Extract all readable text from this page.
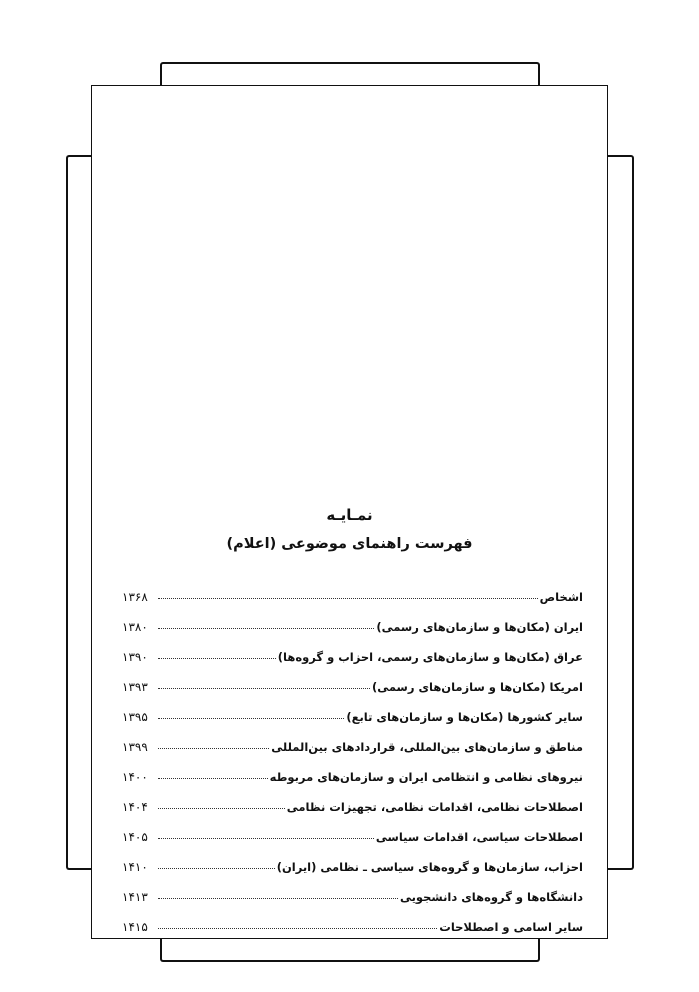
نمـایـه
فهرست راهنمای موضوعی (اعلام)
اشخاص
۱۳۶۸
ایران (مکان‌ها و سازمان‌های رسمی)
۱۳۸۰
عراق (مکان‌ها و سازمان‌های رسمی، احزاب و گروه‌ها)
۱۳۹۰
امریکا (مکان‌ها و سازمان‌های رسمی)
۱۳۹۳
سایر کشورها (مکان‌ها و سازمان‌های تابع)
۱۳۹۵
مناطق و سازمان‌های بین‌المللی، قراردادهای بین‌المللی
۱۳۹۹
نیروهای نظامی و انتظامی ایران و سازمان‌های مربوطه
۱۴۰۰
اصطلاحات نظامی، اقدامات نظامی، تجهیزات نظامی
۱۴۰۴
اصطلاحات سیاسی، اقدامات سیاسی
۱۴۰۵
احزاب، سازمان‌ها و گروه‌های سیاسی ـ نظامی (ایران)
۱۴۱۰
دانشگاه‌ها و گروه‌های دانشجویی
۱۴۱۳
سایر اسامی و اصطلاحات
۱۴۱۵
